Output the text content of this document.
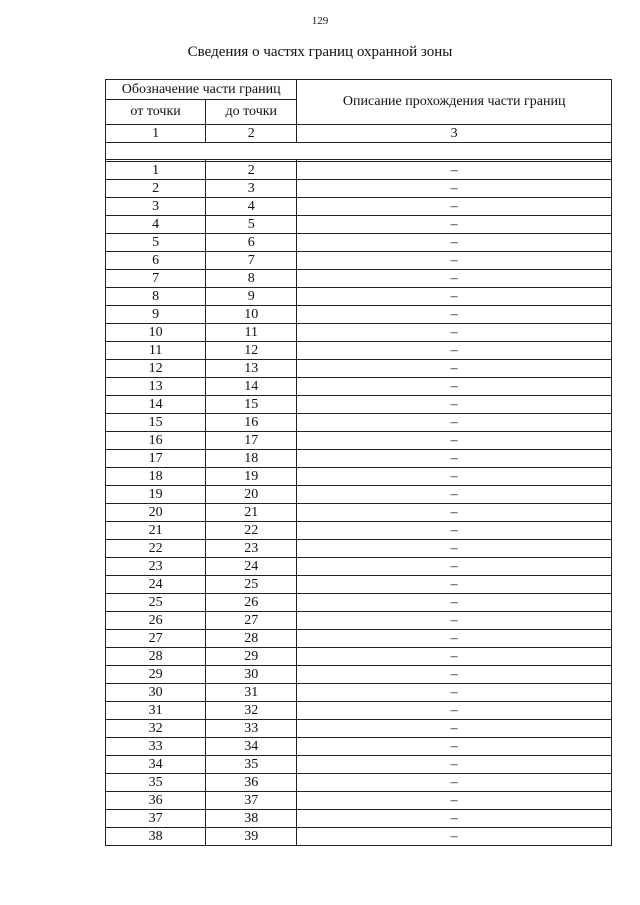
129
Сведения о частях границ охранной зоны
Обозначение части границ		Описание прохождения части границ
от точки	до точки	
1	2	3

1	2	–
2	3	–
3	4	–
4	5	–
5	6	–
6	7	–
7	8	–
8	9	–
9	10	–
10	11	–
11	12	–
12	13	–
13	14	–
14	15	–
15	16	–
16	17	–
17	18	–
18	19	–
19	20	–
20	21	–
21	22	–
22	23	–
23	24	–
24	25	–
25	26	–
26	27	–
27	28	–
28	29	–
29	30	–
30	31	–
31	32	–
32	33	–
33	34	–
34	35	–
35	36	–
36	37	–
37	38	–
38	39	–
